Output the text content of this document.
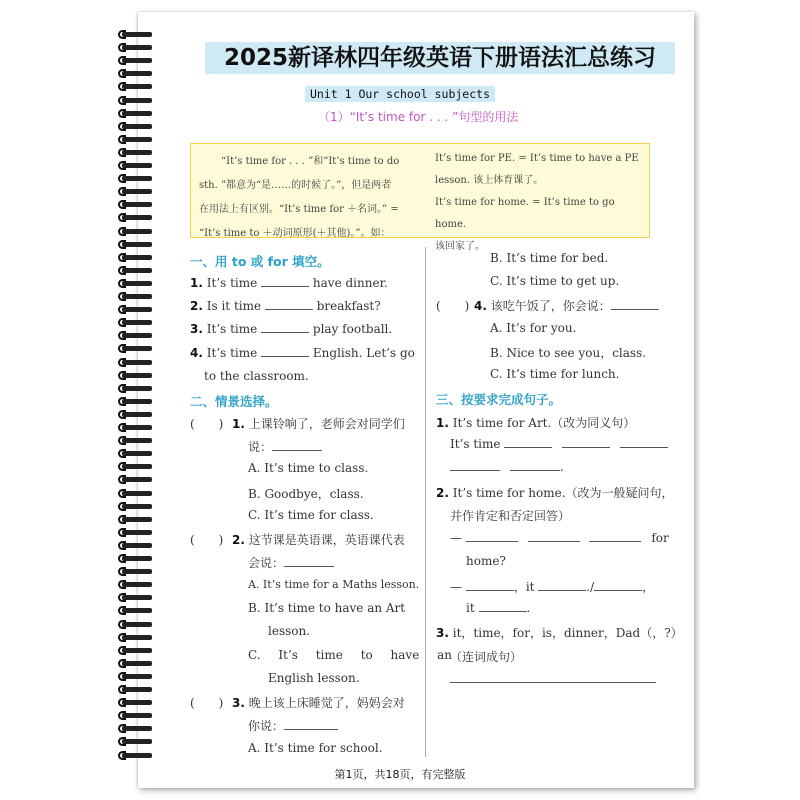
2025新译林四年级英语下册语法汇总练习
Unit 1 Our school subjects
（1）“It’s time for . . . ”句型的用法
“It’s time for . . . ”和“It’s time to do
sth. ”都意为“是……的时候了。”，但是两者
在用法上有区别。“It’s time for ＋名词。” =
“It’s time to ＋动词原形(＋其他)。”。如：

It’s time for PE. = It’s time to have a PE

lesson. 该上体育课了。

It’s time for home. = It’s time to go home.

该回家了。

一、用 to 或 for 填空。
1. It’s time	have dinner.
2. Is it time	breakfast?
3. It’s time	play football.
4. It’s time	English. Let’s go
to the classroom.
二、情景选择。
(　　) 1. 上课铃响了，老师会对同学们
说：
A. It’s time to class.
B. Goodbye，class.
C. It’s time for class.
(　　) 2. 这节课是英语课，英语课代表
会说：
A. It’s time for a Maths lesson.
B. It’s time to have an Art
lesson.
C. It’s time to have an
English lesson.
(　　) 3. 晚上该上床睡觉了，妈妈会对
你说：
A. It’s time for school.
B. It’s time for bed.
C. It’s time to get up.
(　　) 4. 该吃午饭了，你会说：
A. It’s for you.
B. Nice to see you，class.
C. It’s time for lunch.
三、按要求完成句子。
1. It’s time for Art.（改为同义句）
It’s time
.
2. It’s time for home.（改为一般疑问句，
并作肯定和否定回答）
—	for
home?
—	，it	./	，
it	.
3. it，time，for，is，dinner，Dad（，?）
（连词成句）
第1页，共18页，有完整版
